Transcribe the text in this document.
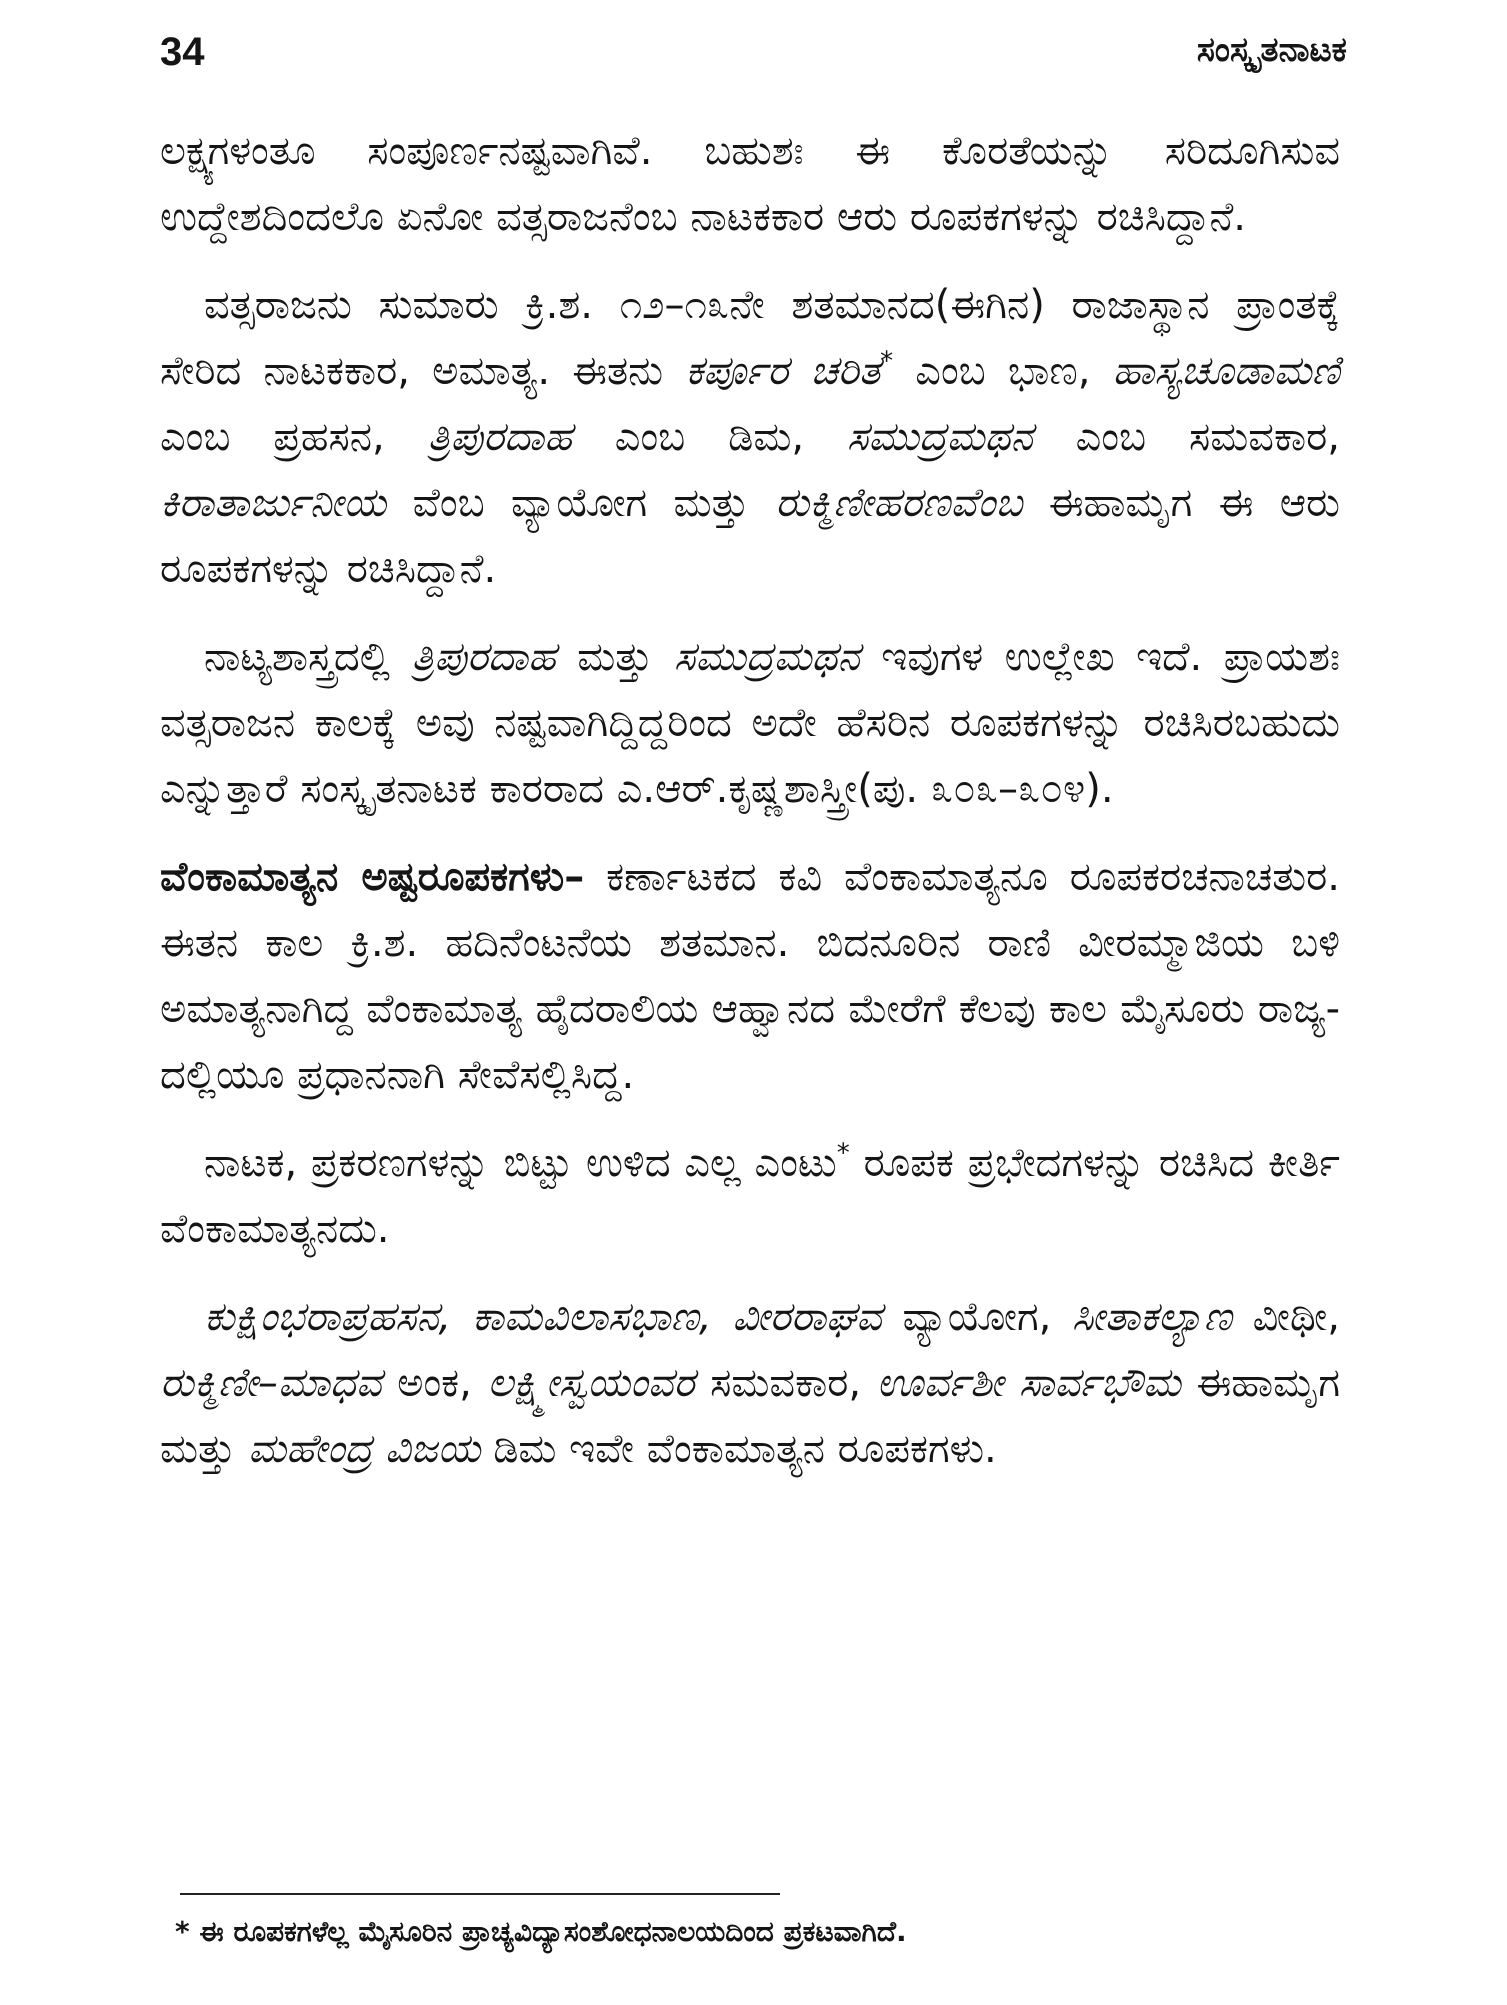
34	ಸಂಸ್ಕೃತನಾಟಕ

ಲಕ್ಷ್ಯಗಳಂತೂ ಸಂಪೂರ್ಣನಷ್ಟವಾಗಿವೆ. ಬಹುಶಃ ಈ ಕೊರತೆಯನ್ನು ಸರಿದೂಗಿಸುವ ಉದ್ದೇಶದಿಂದಲೊ ಏನೋ ವತ್ಸರಾಜನೆಂಬ ನಾಟಕಕಾರ ಆರು ರೂಪಕಗಳನ್ನು ರಚಿಸಿದ್ದಾನೆ.

ವತ್ಸರಾಜನು ಸುಮಾರು ಕ್ರಿ.ಶ. ೧೨–೧೩ನೇ ಶತಮಾನದ(ಈಗಿನ) ರಾಜಾಸ್ಥಾನ ಪ್ರಾಂತಕ್ಕೆ ಸೇರಿದ ನಾಟಕಕಾರ, ಅಮಾತ್ಯ. ಈತನು ಕರ್ಪೂರ ಚರಿತ* ಎಂಬ ಭಾಣ, ಹಾಸ್ಯಚೂಡಾಮಣಿ ಎಂಬ ಪ್ರಹಸನ, ತ್ರಿಪುರದಾಹ ಎಂಬ ಡಿಮ, ಸಮುದ್ರಮಥನ ಎಂಬ ಸಮವಕಾರ, ಕಿರಾತಾರ್ಜುನೀಯ ವೆಂಬ ವ್ಯಾಯೋಗ ಮತ್ತು ರುಕ್ಮಿಣೀಹರಣವೆಂಬ ಈಹಾಮೃಗ ಈ ಆರು ರೂಪಕಗಳನ್ನು ರಚಿಸಿದ್ದಾನೆ.

ನಾಟ್ಯಶಾಸ್ತ್ರದಲ್ಲಿ ತ್ರಿಪುರದಾಹ ಮತ್ತು ಸಮುದ್ರಮಥನ ಇವುಗಳ ಉಲ್ಲೇಖ ಇದೆ. ಪ್ರಾಯಶಃ ವತ್ಸರಾಜನ ಕಾಲಕ್ಕೆ ಅವು ನಷ್ಟವಾಗಿದ್ದಿದ್ದರಿಂದ ಅದೇ ಹೆಸರಿನ ರೂಪಕಗಳನ್ನು ರಚಿಸಿರಬಹುದು ಎನ್ನುತ್ತಾರೆ ಸಂಸ್ಕೃತನಾಟಕ ಕಾರರಾದ ಎ.ಆರ್.ಕೃಷ್ಣಶಾಸ್ತ್ರೀ(ಪು. ೩೦೩–೩೦೪).

ವೆಂಕಾಮಾತ್ಯನ ಅಷ್ಟರೂಪಕಗಳು– ಕರ್ಣಾಟಕದ ಕವಿ ವೆಂಕಾಮಾತ್ಯನೂ ರೂಪಕರಚನಾಚತುರ. ಈತನ ಕಾಲ ಕ್ರಿ.ಶ. ಹದಿನೆಂಟನೆಯ ಶತಮಾನ. ಬಿದನೂರಿನ ರಾಣಿ ವೀರಮ್ಮಾಜಿಯ ಬಳಿ ಅಮಾತ್ಯನಾಗಿದ್ದ ವೆಂಕಾಮಾತ್ಯ ಹೈದರಾಲಿಯ ಆಹ್ವಾನದ ಮೇರೆಗೆ ಕೆಲವು ಕಾಲ ಮೈಸೂರು ರಾಜ್ಯ-ದಲ್ಲಿಯೂ ಪ್ರಧಾನನಾಗಿ ಸೇವೆಸಲ್ಲಿಸಿದ್ದ.

ನಾಟಕ, ಪ್ರಕರಣಗಳನ್ನು ಬಿಟ್ಟು ಉಳಿದ ಎಲ್ಲ ಎಂಟು* ರೂಪಕ ಪ್ರಭೇದಗಳನ್ನು ರಚಿಸಿದ ಕೀರ್ತಿ ವೆಂಕಾಮಾತ್ಯನದು.

ಕುಕ್ಷಿಂಭರಾಪ್ರಹಸನ, ಕಾಮವಿಲಾಸಭಾಣ, ವೀರರಾಘವ ವ್ಯಾಯೋಗ, ಸೀತಾಕಲ್ಯಾಣ ವೀಥೀ, ರುಕ್ಮಿಣೀ–ಮಾಧವ ಅಂಕ, ಲಕ್ಷ್ಮೀಸ್ವಯಂವರ ಸಮವಕಾರ, ಊರ್ವಶೀ ಸಾರ್ವಭೌಮ ಈಹಾಮೃಗ ಮತ್ತು ಮಹೇಂದ್ರ ವಿಜಯ ಡಿಮ ಇವೇ ವೆಂಕಾಮಾತ್ಯನ ರೂಪಕಗಳು.

* ಈ ರೂಪಕಗಳೆಲ್ಲ ಮೈಸೂರಿನ ಪ್ರಾಚ್ಯವಿದ್ಯಾಸಂಶೋಧನಾಲಯದಿಂದ ಪ್ರಕಟವಾಗಿದೆ.
